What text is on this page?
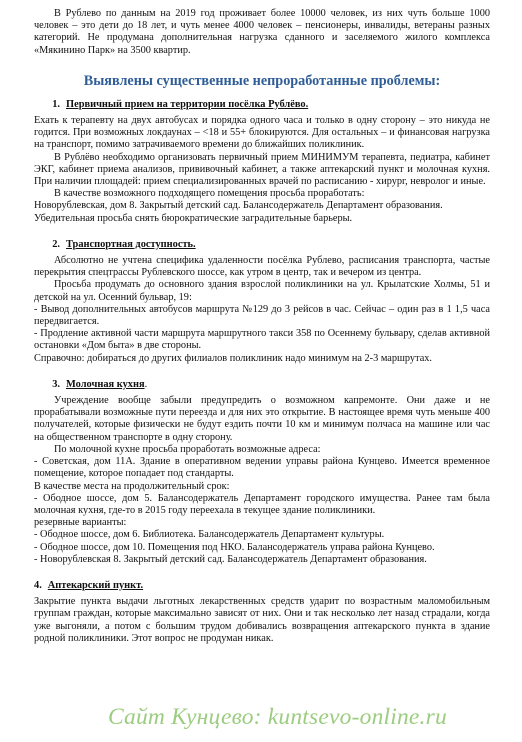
В Рублево по данным на 2019 год проживает более 10000 человек, из них чуть больше 1000 человек – это дети до 18 лет, и чуть менее 4000 человек – пенсионеры, инвалиды, ветераны разных категорий. Не продумана дополнительная нагрузка сданного и заселяемого жилого комплекса «Мякинино Парк» на 3500 квартир.

Выявлены существенные непроработанные проблемы:
1. Первичный прием на территории посёлка Рублёво.

Ехать к терапевту на двух автобусах и порядка одного часа и только в одну сторону – это никуда не годится. При возможных локдаунах – <18 и 55+ блокируются. Для остальных – и финансовая нагрузка на транспорт, помимо затрачиваемого времени до ближайших поликлиник.

В Рублёво необходимо организовать первичный прием МИНИМУМ терапевта, педиатра, кабинет ЭКГ, кабинет приема анализов, прививочный кабинет, а также аптекарский пункт и молочная кухня. При наличии площадей: прием специализированных врачей по расписанию - хирург, невролог и иные.

В качестве возможного подходящего помещения просьба проработать:

Новорублевская, дом 8. Закрытый детский сад. Балансодержатель Департамент образования.

Убедительная просьба снять бюрократические заградительные барьеры.

2. Транспортная доступность.

Абсолютно не учтена специфика удаленности посёлка Рублево, расписания транспорта, частые перекрытия спецтрассы Рублевского шоссе, как утром в центр, так и вечером из центра.

Просьба продумать до основного здания взрослой поликлиники на ул. Крылатские Холмы, 51 и детской на ул. Осенний бульвар, 19:

- Вывод дополнительных автобусов маршрута №129 до 3 рейсов в час. Сейчас – один раз в 1 1,5 часа передвигается.

- Продление активной части маршрута маршрутного такси 358 по Осеннему бульвару, сделав активной остановки «Дом быта» в две стороны.

Справочно: добираться до других филиалов поликлиник надо минимум на 2-3 маршрутах.

3. Молочная кухня.

Учреждение вообще забыли предупредить о возможном капремонте. Они даже и не прорабатывали возможные пути переезда и для них это открытие. В настоящее время чуть меньше 400 получателей, которые физически не будут ездить почти 10 км и минимум полчаса на машине или час на общественном транспорте в одну сторону.

По молочной кухне просьба проработать возможные адреса:

- Советская, дом 11А. Здание в оперативном ведении управы района Кунцево. Имеется временное помещение, которое попадает под стандарты.

В качестве места на продолжительный срок:

- Ободное шоссе, дом 5. Балансодержатель Департамент городского имущества. Ранее там была молочная кухня, где-то в 2015 году переехала в текущее здание поликлиники.

резервные варианты:

- Ободное шоссе, дом 6. Библиотека. Балансодержатель Департамент культуры.

- Ободное шоссе, дом 10. Помещения под НКО. Балансодержатель управа района Кунцево.

- Новорублевская 8. Закрытый детский сад. Балансодержатель Департамент образования.

4. Аптекарский пункт.

Закрытие пункта выдачи льготных лекарственных средств ударит по возрастным маломобильным группам граждан, которые максимально зависят от них. Они и так несколько лет назад страдали, когда уже выгоняли, а потом с большим трудом добивались возвращения аптекарского пункта в здание родной поликлиники. Этот вопрос не продуман никак.

Сайт Кунцево: kuntsevo-online.ru
